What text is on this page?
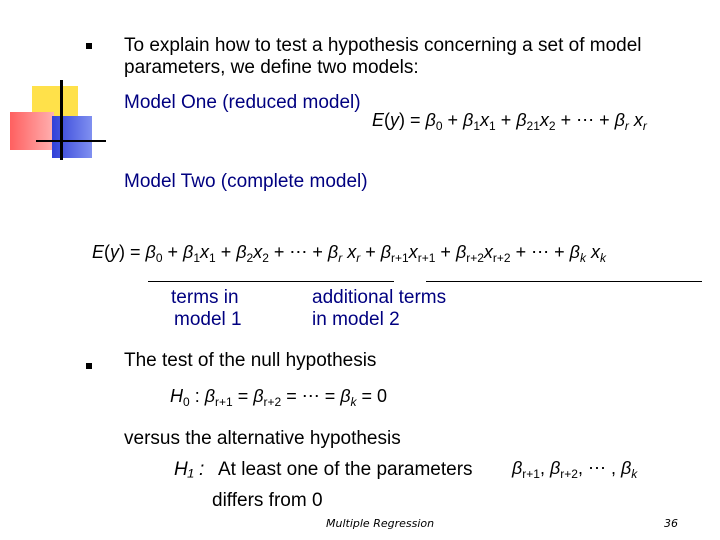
To explain how to test a hypothesis concerning a set of model
parameters, we define two models:
Model One (reduced model)
$E(y) = \beta_0 + \beta_1x_1 + \beta_{21}x_2$ + ⋯ + $\beta_r$ $x_r$
Model Two (complete model)
$E(y) = \beta_0 + \beta_1x_1 + \beta_2x_2$ + ⋯ + $\beta_r$ $x_r + \beta_{r+1}x_{r+1} + \beta_{r+2}x_{r+2}$ + ⋯ + $\beta_k$ $x_k$
terms in
model 1
additional terms
in model 2
The test of the null hypothesis
$H_0$ : $\beta_{r+1} = \beta_{r+2}$ = ⋯ = $\beta_k = 0$
versus the alternative hypothesis
H₁ : At least one of the parameters $\beta_{r+1}$, $\beta_{r+2}$, ⋯ , $\beta_k$
differs from 0
Multiple Regression	36
